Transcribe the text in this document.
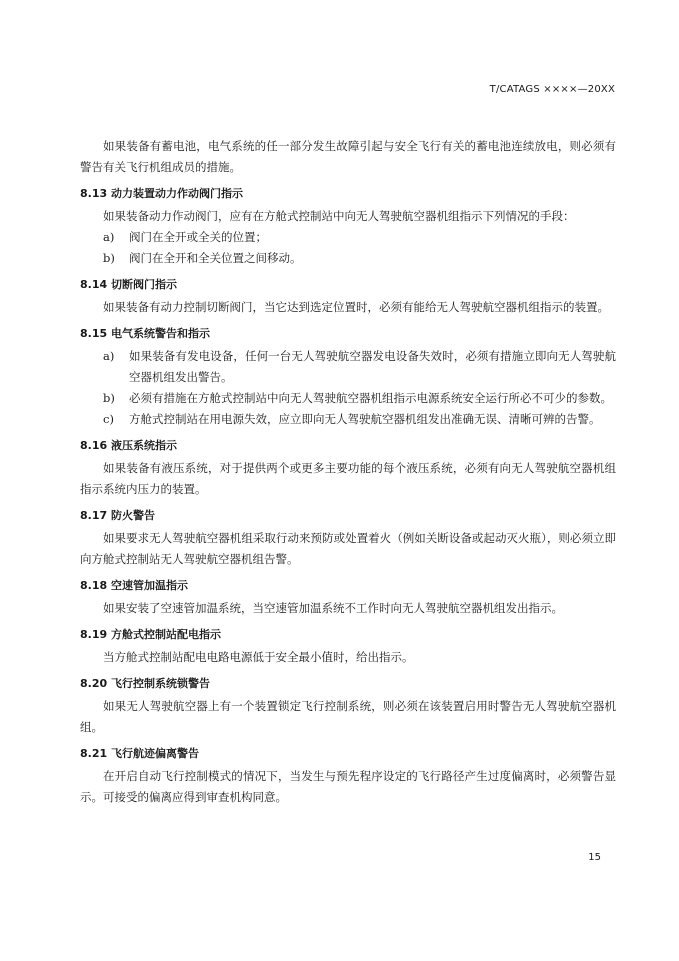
T/CATAGS ××××—20XX

如果装备有蓄电池，电气系统的任一部分发生故障引起与安全飞行有关的蓄电池连续放电，则必须有警告有关飞行机组成员的措施。

8.13 动力装置动力作动阀门指示

如果装备动力作动阀门，应有在方舱式控制站中向无人驾驶航空器机组指示下列情况的手段：

a)	阀门在全开或全关的位置；
b)	阀门在全开和全关位置之间移动。
8.14 切断阀门指示

如果装备有动力控制切断阀门，当它达到选定位置时，必须有能给无人驾驶航空器机组指示的装置。

8.15 电气系统警告和指示
a)	如果装备有发电设备，任何一台无人驾驶航空器发电设备失效时，必须有措施立即向无人驾驶航空器机组发出警告。
b)	必须有措施在方舱式控制站中向无人驾驶航空器机组指示电源系统安全运行所必不可少的参数。
c)	方舱式控制站在用电源失效，应立即向无人驾驶航空器机组发出准确无误、清晰可辨的告警。
8.16 液压系统指示

如果装备有液压系统，对于提供两个或更多主要功能的每个液压系统，必须有向无人驾驶航空器机组指示系统内压力的装置。

8.17 防火警告

如果要求无人驾驶航空器机组采取行动来预防或处置着火（例如关断设备或起动灭火瓶），则必须立即向方舱式控制站无人驾驶航空器机组告警。

8.18 空速管加温指示

如果安装了空速管加温系统，当空速管加温系统不工作时向无人驾驶航空器机组发出指示。

8.19 方舱式控制站配电指示

当方舱式控制站配电电路电源低于安全最小值时，给出指示。

8.20 飞行控制系统锁警告

如果无人驾驶航空器上有一个装置锁定飞行控制系统，则必须在该装置启用时警告无人驾驶航空器机组。

8.21 飞行航迹偏离警告

在开启自动飞行控制模式的情况下，当发生与预先程序设定的飞行路径产生过度偏离时，必须警告显示。可接受的偏离应得到审查机构同意。

15
